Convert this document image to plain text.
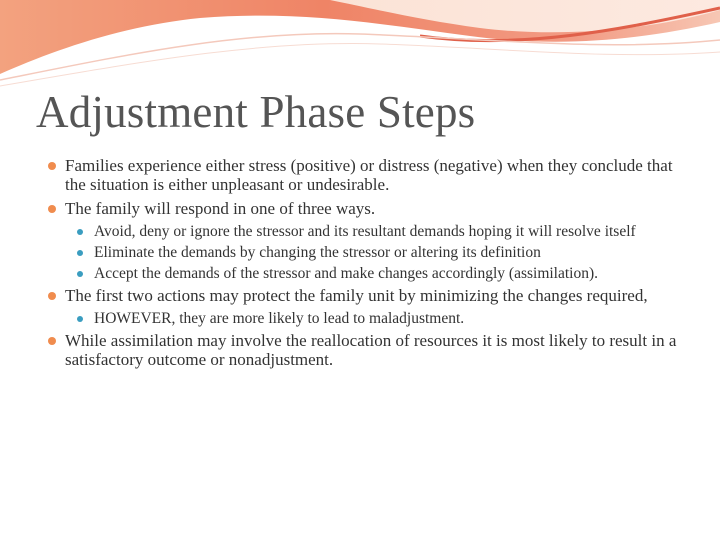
Adjustment Phase Steps

Families experience either stress (positive) or distress (negative) when they conclude that the situation is either unpleasant or undesirable.

The family will respond in one of three ways.

Avoid, deny or ignore the stressor and its resultant demands hoping it will resolve itself

Eliminate the demands by changing the stressor or altering its definition

Accept the demands of the stressor and make changes accordingly (assimilation).

The first two actions may protect the family unit by minimizing the changes required,

HOWEVER, they are more likely to lead to maladjustment.

While assimilation may involve the reallocation of resources it is most likely to result in a satisfactory outcome or nonadjustment.
